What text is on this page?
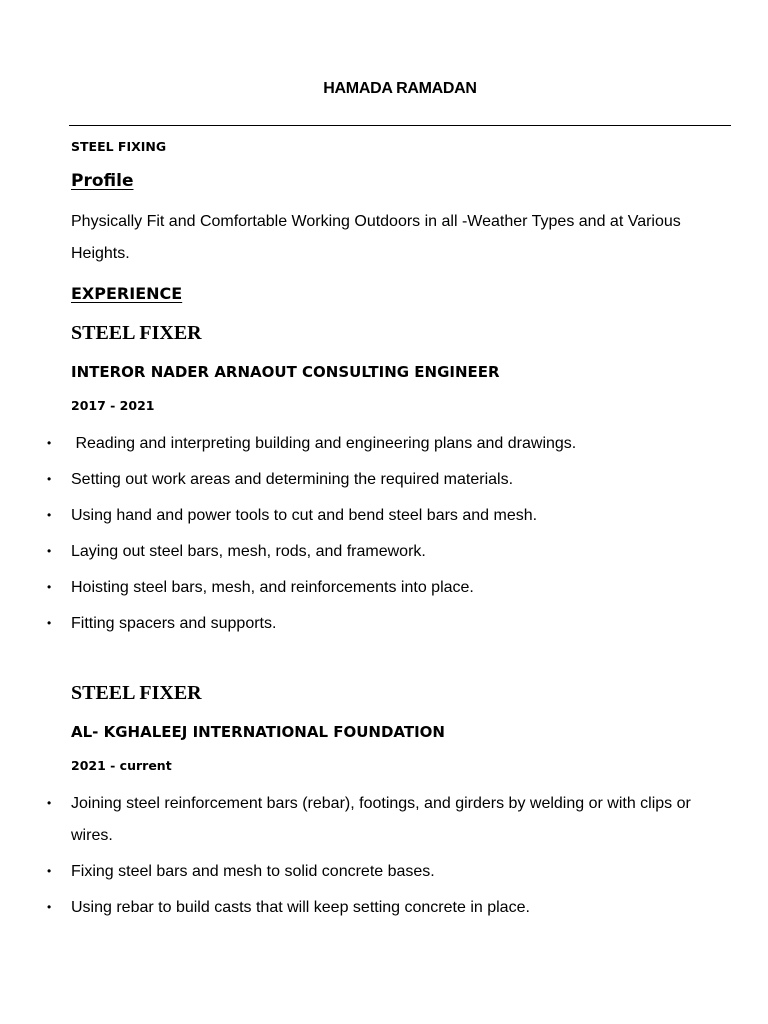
HAMADA RAMADAN
STEEL FIXING
Profile
Physically Fit and Comfortable Working Outdoors in all -Weather Types and at Various Heights.
EXPERIENCE
STEEL FIXER
INTEROR NADER ARNAOUT CONSULTING ENGINEER
2017 - 2021
• Reading and interpreting building and engineering plans and drawings.
• Setting out work areas and determining the required materials.
• Using hand and power tools to cut and bend steel bars and mesh.
• Laying out steel bars, mesh, rods, and framework.
• Hoisting steel bars, mesh, and reinforcements into place.
• Fitting spacers and supports.
STEEL FIXER
AL- KGHALEEJ INTERNATIONAL FOUNDATION
2021 - current
• Joining steel reinforcement bars (rebar), footings, and girders by welding or with clips or wires.
• Fixing steel bars and mesh to solid concrete bases.
• Using rebar to build casts that will keep setting concrete in place.
